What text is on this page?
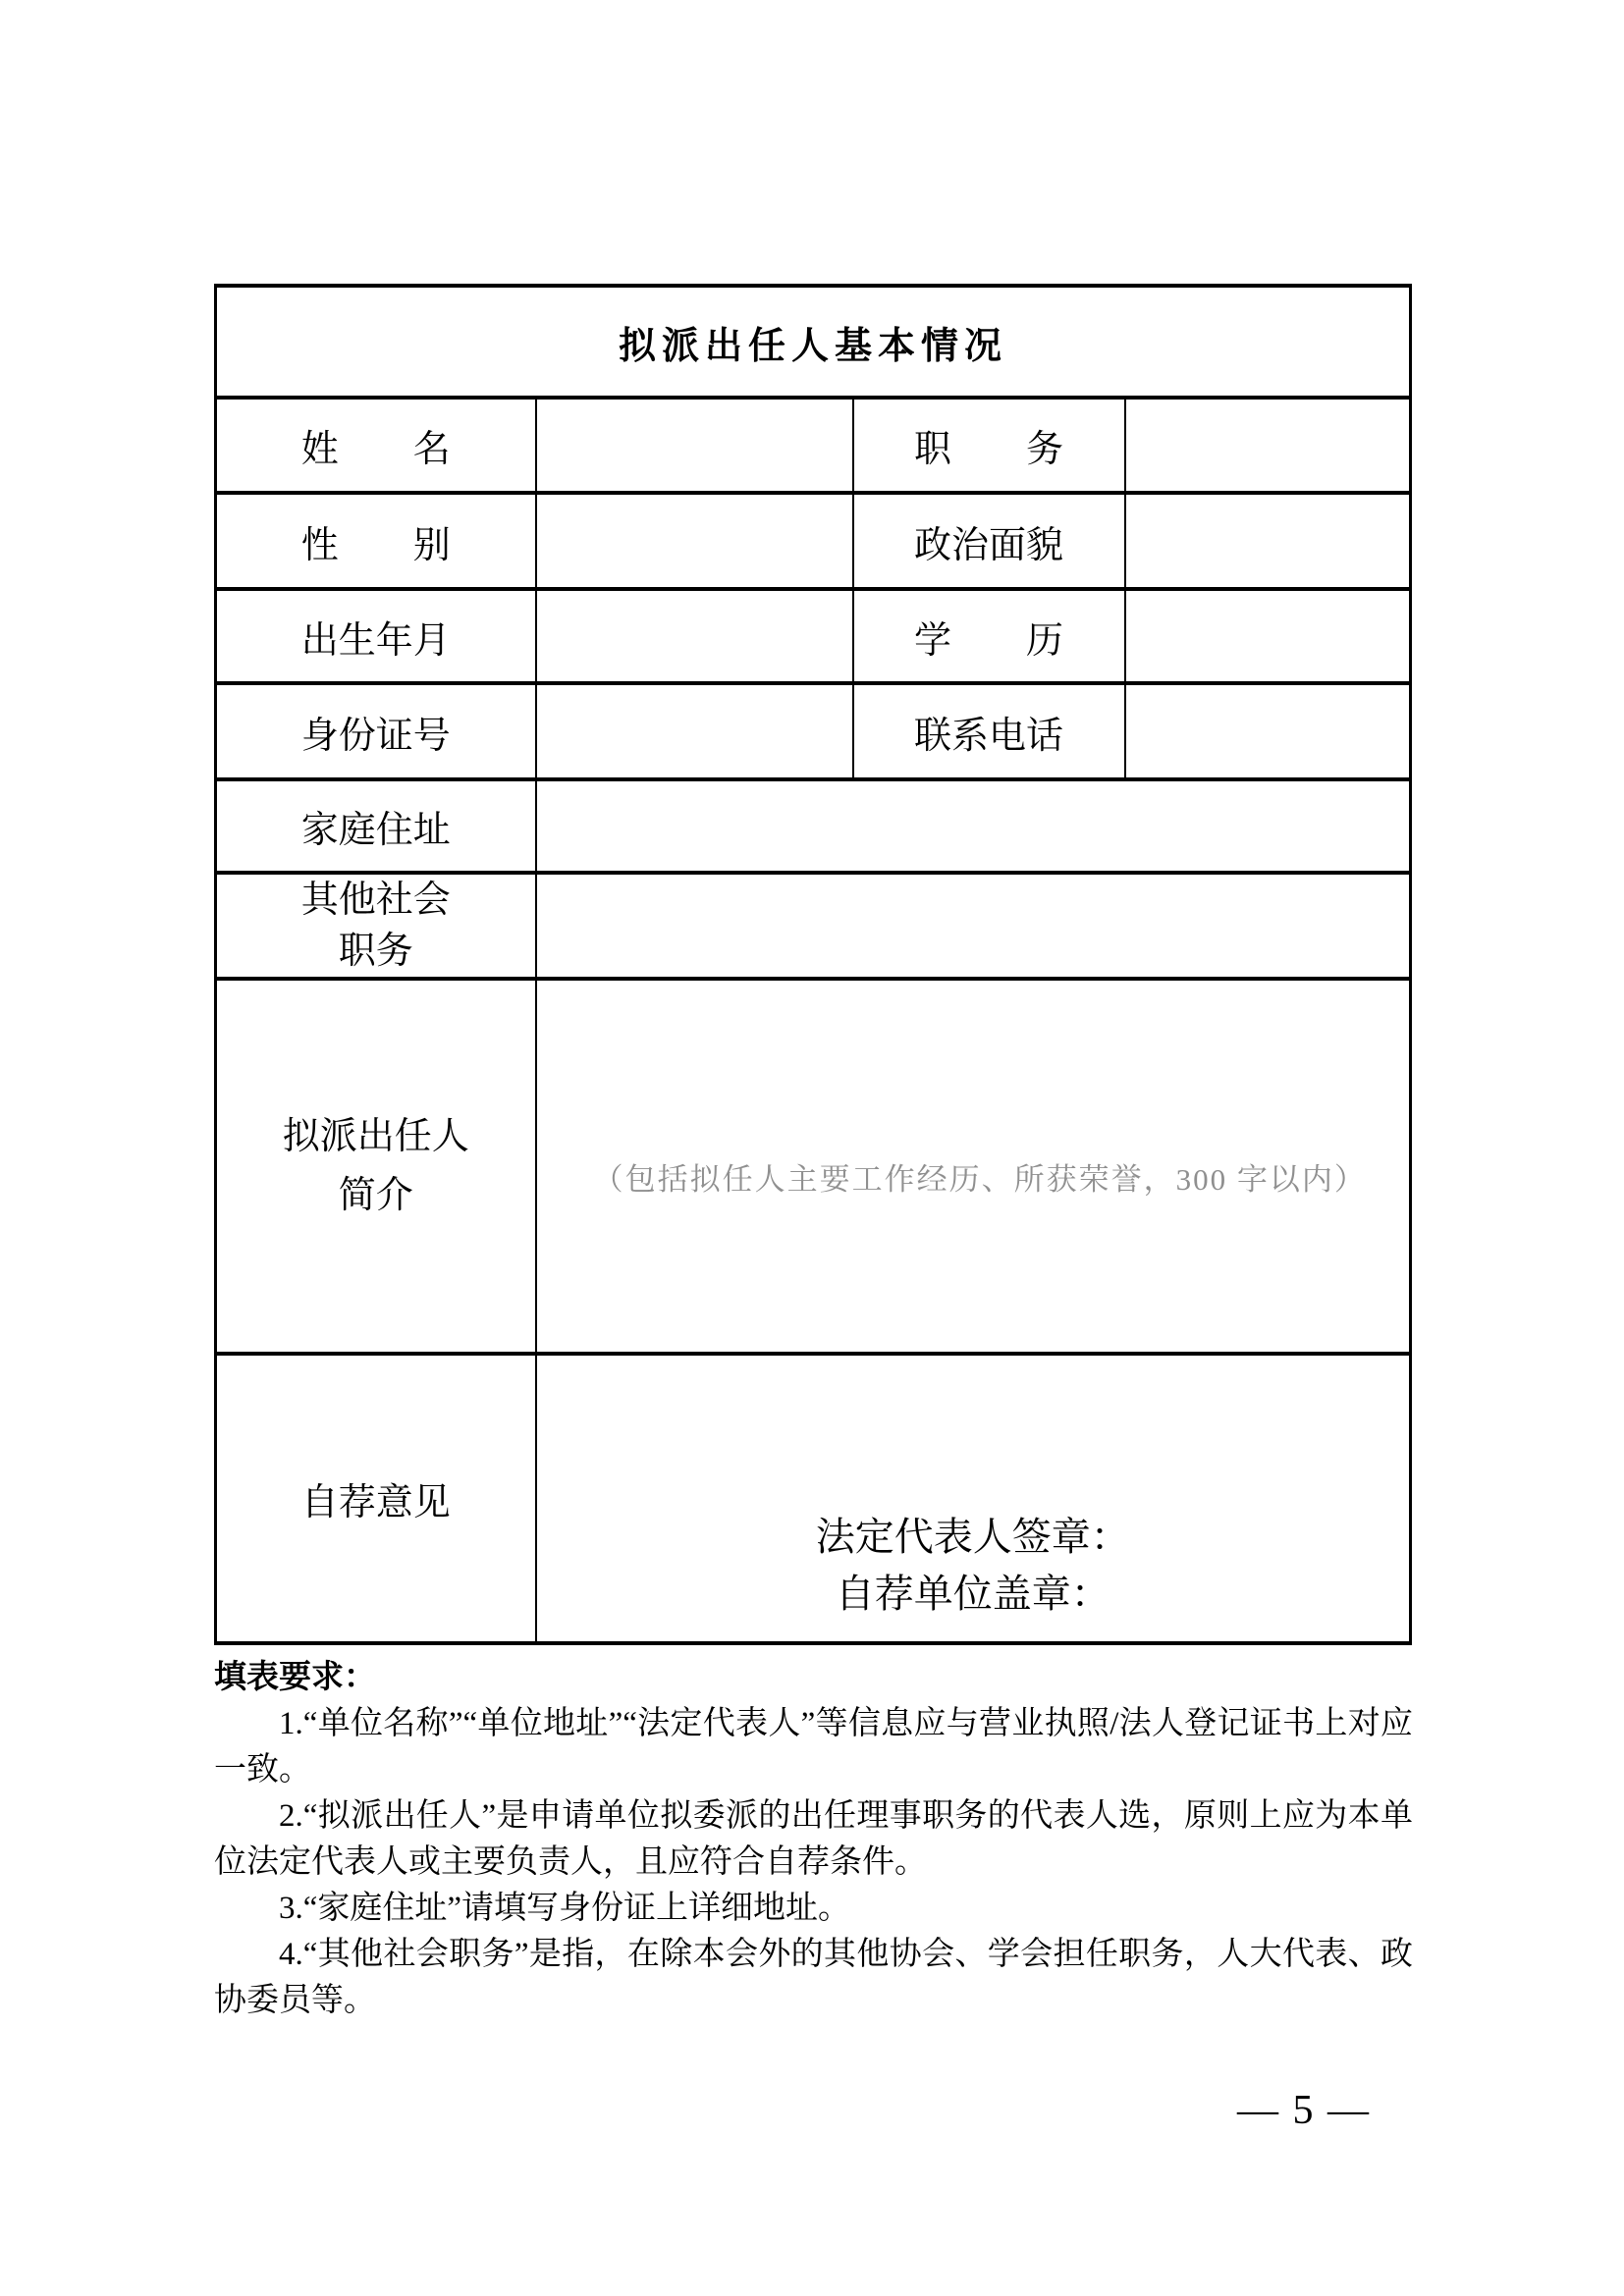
拟派出任人基本情况			
姓　　名		职　　务	
性　　别		政治面貌	
出生年月		学　　历	
身份证号		联系电话	
家庭住址			

其他社会
职务			

拟派出任人
简介	（包括拟任人主要工作经历、所获荣誉，300 字以内）		

自荐意见	法定代表人签章：
自荐单位盖章：		

填表要求：

1.“单位名称”“单位地址”“法定代表人”等信息应与营业执照/法人登记证书上对应一致。

2.“拟派出任人”是申请单位拟委派的出任理事职务的代表人选，原则上应为本单位法定代表人或主要负责人，且应符合自荐条件。

3.“家庭住址”请填写身份证上详细地址。

4.“其他社会职务”是指，在除本会外的其他协会、学会担任职务，人大代表、政协委员等。

— 5 —
